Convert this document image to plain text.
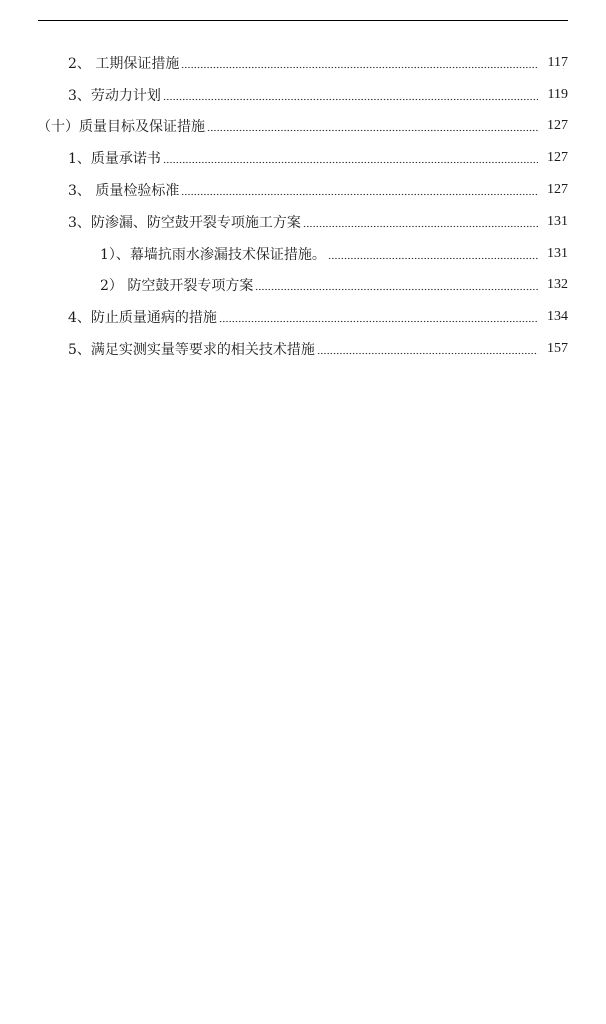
2、 工期保证措施	117
3、劳动力计划	119
（十）质量目标及保证措施	127
1、质量承诺书	127
3、 质量检验标准	127
3、防渗漏、防空鼓开裂专项施工方案	131
1）、幕墙抗雨水渗漏技术保证措施。	131
2） 防空鼓开裂专项方案	132
4、防止质量通病的措施	134
5、满足实测实量等要求的相关技术措施	157
